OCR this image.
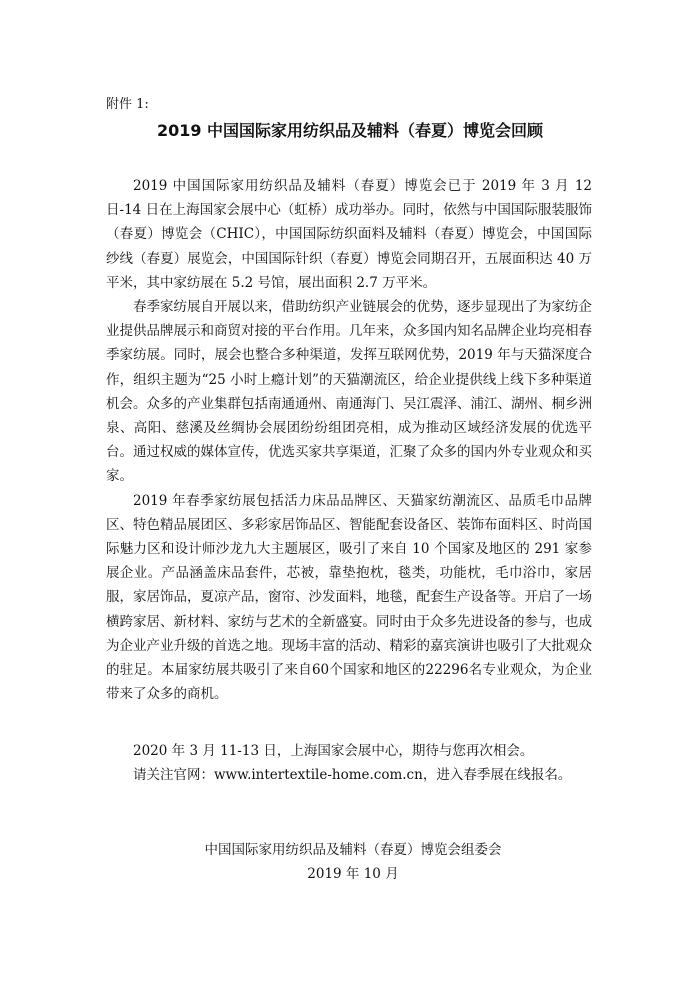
附件 1:
2019 中国国际家用纺织品及辅料（春夏）博览会回顾

2019 中国国际家用纺织品及辅料（春夏）博览会已于 2019 年 3 月 12 日-14 日在上海国家会展中心（虹桥）成功举办。同时，依然与中国国际服装服饰（春夏）博览会（CHIC），中国国际纺织面料及辅料（春夏）博览会，中国国际纱线（春夏）展览会，中国国际针织（春夏）博览会同期召开，五展面积达 40 万平米，其中家纺展在 5.2 号馆，展出面积 2.7 万平米。

春季家纺展自开展以来，借助纺织产业链展会的优势，逐步显现出了为家纺企业提供品牌展示和商贸对接的平台作用。几年来，众多国内知名品牌企业均亮相春季家纺展。同时，展会也整合多种渠道，发挥互联网优势，2019 年与天猫深度合作，组织主题为“25 小时上瘾计划”的天猫潮流区，给企业提供线上线下多种渠道机会。众多的产业集群包括南通通州、南通海门、吴江震泽、浦江、湖州、桐乡洲泉、高阳、慈溪及丝绸协会展团纷纷组团亮相，成为推动区域经济发展的优选平台。通过权威的媒体宣传，优选买家共享渠道，汇聚了众多的国内外专业观众和买家。

2019 年春季家纺展包括活力床品品牌区、天猫家纺潮流区、品质毛巾品牌区、特色精品展团区、多彩家居饰品区、智能配套设备区、装饰布面料区、时尚国际魅力区和设计师沙龙九大主题展区，吸引了来自 10 个国家及地区的 291 家参展企业。产品涵盖床品套件，芯被，靠垫抱枕，毯类，功能枕，毛巾浴巾，家居服，家居饰品，夏凉产品，窗帘、沙发面料，地毯，配套生产设备等。开启了一场横跨家居、新材料、家纺与艺术的全新盛宴。同时由于众多先进设备的参与，也成为企业产业升级的首选之地。现场丰富的活动、精彩的嘉宾演讲也吸引了大批观众的驻足。本届家纺展共吸引了来自60个国家和地区的22296名专业观众，为企业带来了众多的商机。

2020 年 3 月 11-13 日，上海国家会展中心，期待与您再次相会。

请关注官网：www.intertextile-home.com.cn，进入春季展在线报名。

中国国际家用纺织品及辅料（春夏）博览会组委会

2019 年 10 月
